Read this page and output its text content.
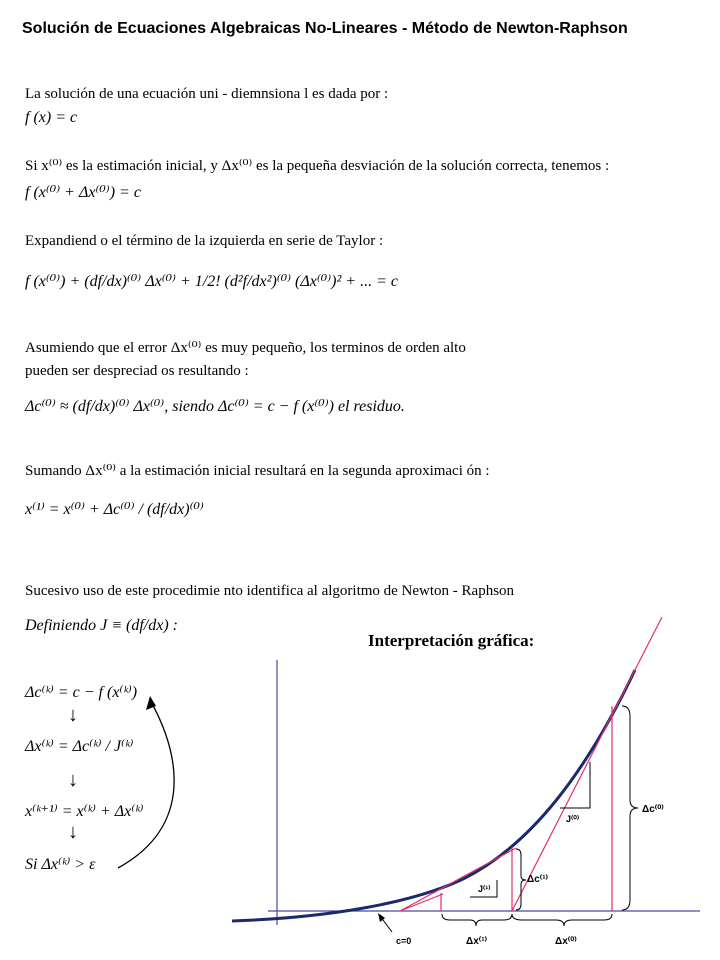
Solución de Ecuaciones Algebraicas No-Lineares - Método de Newton-Raphson
La solución de una ecuación uni - diemnsiona l es dada por :
f (x) = c
Si x⁽⁰⁾ es la estimación inicial, y Δx⁽⁰⁾ es la pequeña desviación de la solución correcta, tenemos :
f (x⁽⁰⁾ + Δx⁽⁰⁾) = c
Expandiend o el término de la izquierda en serie de Taylor :
f (x⁽⁰⁾) + (df/dx)⁽⁰⁾ Δx⁽⁰⁾ + 1/2! (d²f/dx²)⁽⁰⁾ (Δx⁽⁰⁾)² + ... = c
Asumiendo que el error Δx⁽⁰⁾ es muy pequeño, los terminos de orden alto
pueden ser despreciad os resultando :
Δc⁽⁰⁾ ≈ (df/dx)⁽⁰⁾ Δx⁽⁰⁾, siendo Δc⁽⁰⁾ = c − f (x⁽⁰⁾) el residuo.
Sumando Δx⁽⁰⁾ a la estimación inicial resultará en la segunda aproximaci ón :
x⁽¹⁾ = x⁽⁰⁾ + Δc⁽⁰⁾ / (df/dx)⁽⁰⁾
Sucesivo uso de este procedimie nto identifica al algoritmo de Newton - Raphson
Definiendo J ≡ (df/dx) :
Δc⁽ᵏ⁾ = c − f (x⁽ᵏ⁾)
↓
Δx⁽ᵏ⁾ = Δc⁽ᵏ⁾ / J⁽ᵏ⁾
↓
x⁽ᵏ⁺¹⁾ = x⁽ᵏ⁾ + Δx⁽ᵏ⁾
↓
Si Δx⁽ᵏ⁾ > ε
Interpretación gráfica:
Δc⁽⁰⁾
Δc⁽¹⁾
J⁽⁰⁾
J⁽¹⁾
c=0	Δx⁽¹⁾	Δx⁽⁰⁾
